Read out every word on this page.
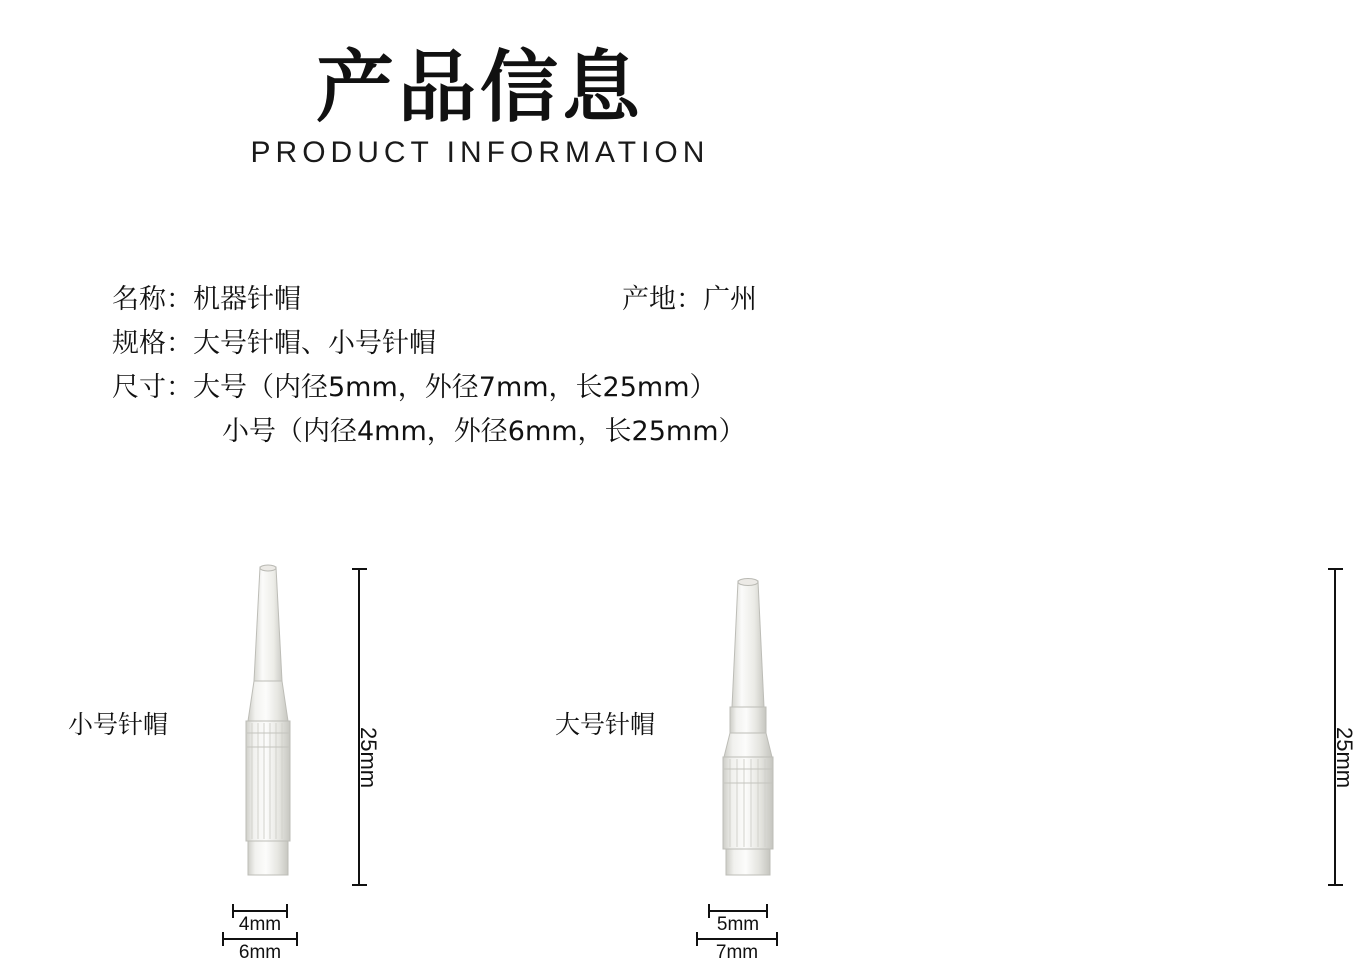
产品信息
PRODUCT INFORMATION
名称：机器针帽	产地：广州
规格：大号针帽、小号针帽
尺寸：大号（内径5mm，外径7mm，长25mm）
小号（内径4mm，外径6mm，长25mm）
小号针帽
25mm
4mm
6mm
大号针帽
25mm
5mm
7mm
